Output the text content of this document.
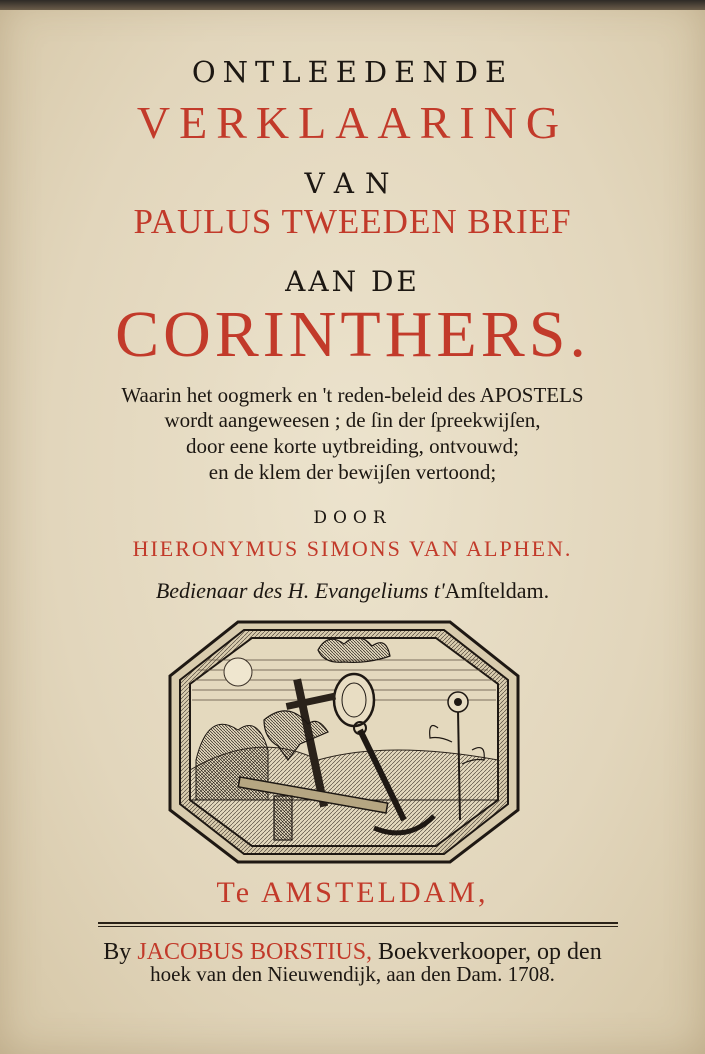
ONTLEEDENDE
VERKLAARING
VAN
PAULUS TWEEDEN BRIEF
AAN DE
CORINTHERS.
Waarin het oogmerk en 't reden-beleid des APOSTELS
wordt aangeweesen ; de ſin der ſpreekwijſen,
door eene korte uytbreiding, ontvouwd;
en de klem der bewijſen vertoond;
DOOR
HIERONYMUS SIMONS VAN ALPHEN.
Bedienaar des H. Evangeliums t'Amſteldam.
Te AMSTELDAM,
By JACOBUS BORSTIUS, Boekverkooper, op den
hoek van den Nieuwendijk, aan den Dam. 1708.
